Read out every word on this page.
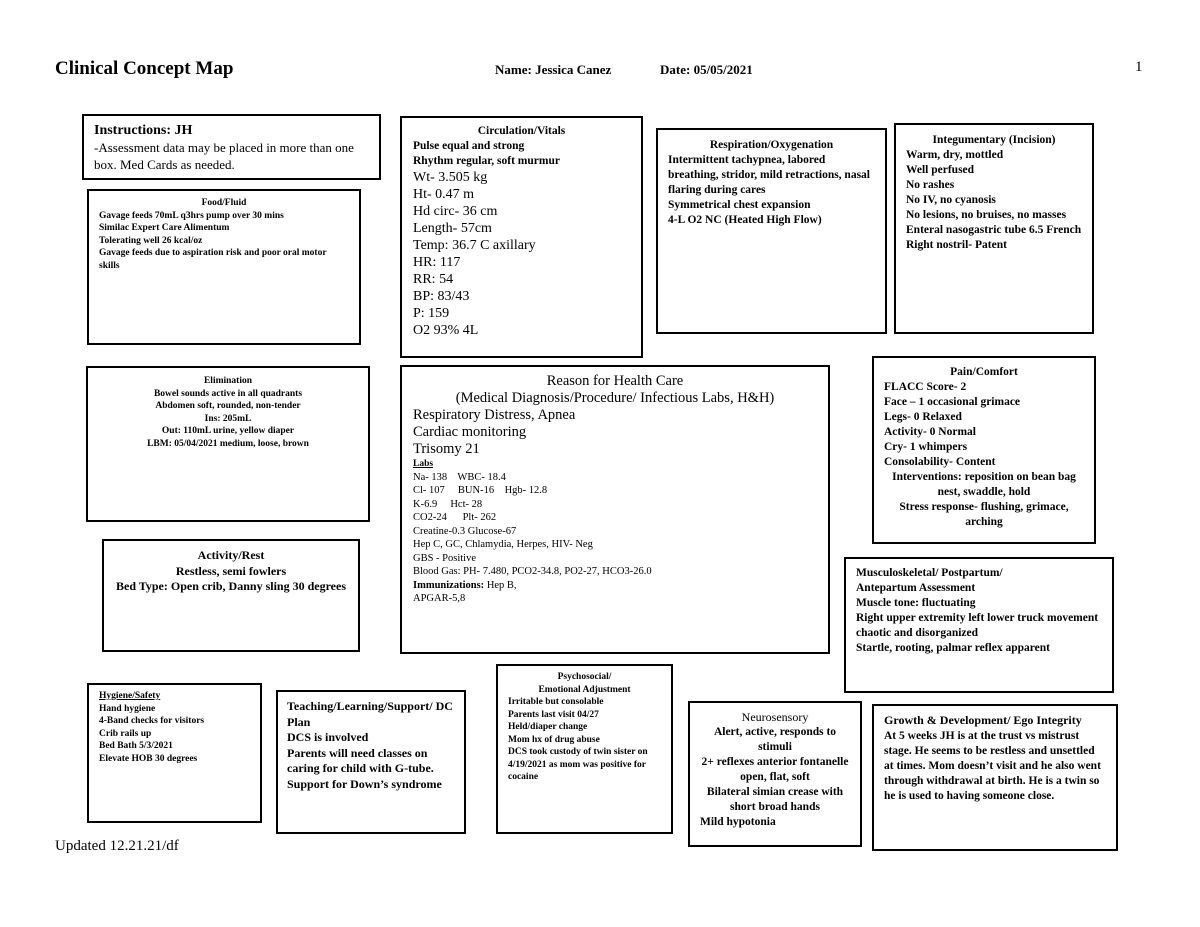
Clinical Concept Map	Name: Jessica Canez	Date: 05/05/2021	1
Instructions: JH
-Assessment data may be placed in more than one box. Med Cards as needed.
Food/Fluid
Gavage feeds 70mL q3hrs pump over 30 mins
Similac Expert Care Alimentum
Tolerating well 26 kcal/oz
Gavage feeds due to aspiration risk and poor oral motor skills
Circulation/Vitals
Pulse equal and strong
Rhythm regular, soft murmur
Wt- 3.505 kg
Ht- 0.47 m
Hd circ- 36 cm
Length- 57cm
Temp: 36.7 C axillary
HR: 117
RR: 54
BP: 83/43
P: 159
O2 93% 4L
Respiration/Oxygenation
Intermittent tachypnea, labored breathing, stridor, mild retractions, nasal flaring during cares
Symmetrical chest expansion
4-L O2 NC (Heated High Flow)
Integumentary (Incision)
Warm, dry, mottled
Well perfused
No rashes
No IV, no cyanosis
No lesions, no bruises, no masses
Enteral nasogastric tube 6.5 French Right nostril- Patent
Elimination
Bowel sounds active in all quadrants
Abdomen soft, rounded, non-tender
Ins: 205mL
Out: 110mL urine, yellow diaper
LBM: 05/04/2021 medium, loose, brown
Reason for Health Care
(Medical Diagnosis/Procedure/ Infectious Labs, H&H)
Respiratory Distress, Apnea
Cardiac monitoring
Trisomy 21
Labs
Na- 138    WBC- 18.4
Cl- 107     BUN-16    Hgb- 12.8
K-6.9     Hct- 28
CO2-24      Plt- 262
Creatine-0.3 Glucose-67
Hep C, GC, Chlamydia, Herpes, HIV- Neg
GBS - Positive
Blood Gas: PH- 7.480, PCO2-34.8, PO2-27, HCO3-26.0
Immunizations: Hep B,
APGAR-5,8
Pain/Comfort
FLACC Score- 2
Face – 1 occasional grimace
Legs- 0 Relaxed
Activity- 0 Normal
Cry- 1 whimpers
Consolability- Content
Interventions: reposition on bean bag nest, swaddle, hold
Stress response- flushing, grimace, arching
Activity/Rest
Restless, semi fowlers
Bed Type: Open crib, Danny sling 30 degrees
Musculoskeletal/ Postpartum/ Antepartum Assessment
Muscle tone: fluctuating
Right upper extremity left lower truck movement chaotic and disorganized
Startle, rooting, palmar reflex apparent
Hygiene/Safety
Hand hygiene
4-Band checks for visitors
Crib rails up
Bed Bath 5/3/2021
Elevate HOB 30 degrees
Teaching/Learning/Support/ DC Plan
DCS is involved
Parents will need classes on caring for child with G-tube.
Support for Down’s syndrome
Psychosocial/
Emotional Adjustment
Irritable but consolable
Parents last visit 04/27
Held/diaper change
Mom hx of drug abuse
DCS took custody of twin sister on 4/19/2021 as mom was positive for cocaine
Neurosensory
Alert, active, responds to stimuli
2+ reflexes anterior fontanelle open, flat, soft
Bilateral simian crease with short broad hands
Mild hypotonia
Growth & Development/ Ego Integrity
At 5 weeks JH is at the trust vs mistrust stage. He seems to be restless and unsettled at times. Mom doesn’t visit and he also went through withdrawal at birth. He is a twin so he is used to having someone close.
Updated 12.21.21/df
